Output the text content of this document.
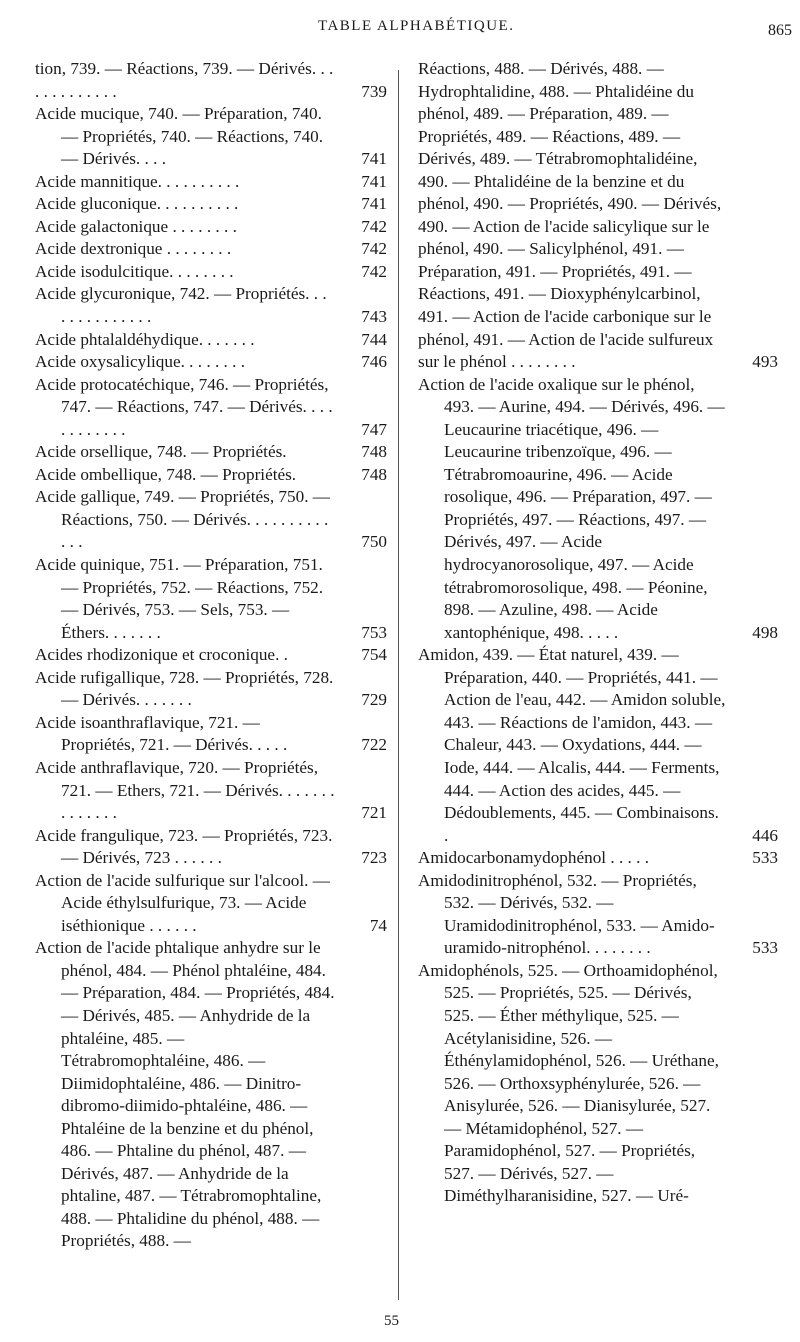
TABLE ALPHABÉTIQUE.	865
tion, 739. — Réactions, 739. — Dérivés. . . . . . . . . . . . .	739
Acide mucique, 740. — Préparation, 740. — Propriétés, 740. — Réactions, 740. — Dérivés. . . .	741
Acide mannitique. . . . . . . . . .	741
Acide gluconique. . . . . . . . . .	741
Acide galactonique . . . . . . . .	742
Acide dextronique . . . . . . . .	742
Acide isodulcitique. . . . . . . .	742
Acide glycuronique, 742. — Propriétés. . . . . . . . . . . . . .	743
Acide phtalaldéhydique. . . . . . .	744
Acide oxysalicylique. . . . . . . .	746
Acide protocatéchique, 746. — Propriétés, 747. — Réactions, 747. — Dérivés. . . . . . . . . . . .	747
Acide orsellique, 748. — Propriétés.	748
Acide ombellique, 748. — Propriétés.	748
Acide gallique, 749. — Propriétés, 750. — Réactions, 750. — Dérivés. . . . . . . . . . . . .	750
Acide quinique, 751. — Préparation, 751. — Propriétés, 752. — Réactions, 752. — Dérivés, 753. — Sels, 753. — Éthers. . . . . . .	753
Acides rhodizonique et croconique. .	754
Acide rufigallique, 728. — Propriétés, 728. — Dérivés. . . . . . .	729
Acide isoanthraflavique, 721. — Propriétés, 721. — Dérivés. . . . .	722
Acide anthraflavique, 720. — Propriétés, 721. — Ethers, 721. — Dérivés. . . . . . . . . . . . . .	721
Acide frangulique, 723. — Propriétés, 723. — Dérivés, 723 . . . . . .	723
Action de l'acide sulfurique sur l'alcool. — Acide éthylsulfurique, 73. — Acide iséthionique . . . . . .	74
Action de l'acide phtalique anhydre sur le phénol, 484. — Phénol phtaléine, 484. — Préparation, 484. — Propriétés, 484. — Dérivés, 485. — Anhydride de la phtaléine, 485. — Tétrabromophtaléine, 486. — Diimidophtaléine, 486. — Dinitro-dibromo-diimido-phtaléine, 486. — Phtaléine de la benzine et du phénol, 486. — Phtaline du phénol, 487. — Dérivés, 487. — Anhydride de la phtaline, 487. — Tétrabromophtaline, 488. — Phtalidine du phénol, 488. — Propriétés, 488. —
Réactions, 488. — Dérivés, 488. — Hydrophtalidine, 488. — Phtalidéine du phénol, 489. — Préparation, 489. — Propriétés, 489. — Réactions, 489. — Dérivés, 489. — Tétrabromophtalidéine, 490. — Phtalidéine de la benzine et du phénol, 490. — Propriétés, 490. — Dérivés, 490. — Action de l'acide salicylique sur le phénol, 490. — Salicylphénol, 491. — Préparation, 491. — Propriétés, 491. — Réactions, 491. — Dioxyphénylcarbinol, 491. — Action de l'acide carbonique sur le phénol, 491. — Action de l'acide sulfureux sur le phénol . . . . . . . .	493
Action de l'acide oxalique sur le phénol, 493. — Aurine, 494. — Dérivés, 496. — Leucaurine triacétique, 496. — Leucaurine tribenzoïque, 496. — Tétrabromoaurine, 496. — Acide rosolique, 496. — Préparation, 497. — Propriétés, 497. — Réactions, 497. — Dérivés, 497. — Acide hydrocyanorosolique, 497. — Acide tétrabromorosolique, 498. — Péonine, 898. — Azuline, 498. — Acide xantophénique, 498. . . . .	498
Amidon, 439. — État naturel, 439. — Préparation, 440. — Propriétés, 441. — Action de l'eau, 442. — Amidon soluble, 443. — Réactions de l'amidon, 443. — Chaleur, 443. — Oxydations, 444. — Iode, 444. — Alcalis, 444. — Ferments, 444. — Action des acides, 445. — Dédoublements, 445. — Combinaisons. .	446
Amidocarbonamydophénol . . . . .	533
Amidodinitrophénol, 532. — Propriétés, 532. — Dérivés, 532. — Uramidodinitrophénol, 533. — Amido-uramido-nitrophénol. . . . . . . .	533
Amidophénols, 525. — Orthoamidophénol, 525. — Propriétés, 525. — Dérivés, 525. — Éther méthylique, 525. — Acétylanisidine, 526. — Éthénylamidophénol, 526. — Uréthane, 526. — Orthoxsyphénylurée, 526. — Anisylurée, 526. — Dianisylurée, 527. — Métamidophénol, 527. — Paramidophénol, 527. — Propriétés, 527. — Dérivés, 527. — Diméthylharanisidine, 527. — Uré-
55
